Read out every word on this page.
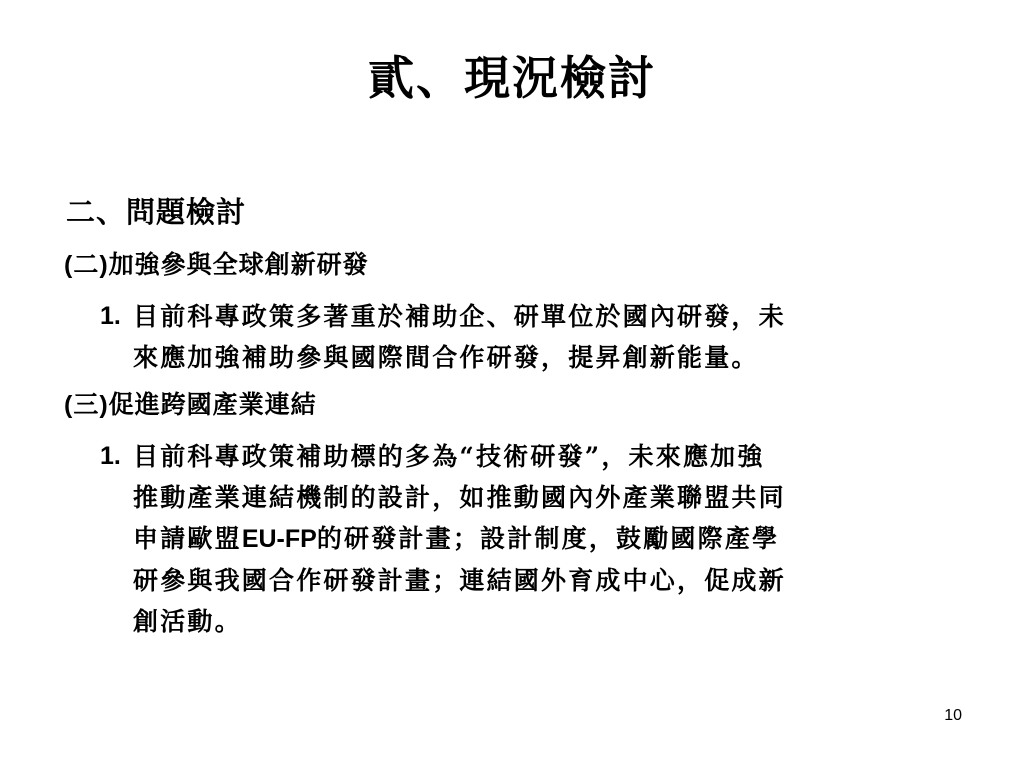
貳、現況檢討
二、問題檢討
(二)加強參與全球創新研發
1. 目前科專政策多著重於補助企、研單位於國內研發，未
來應加強補助參與國際間合作研發，提昇創新能量。
(三)促進跨國產業連結
1. 目前科專政策補助標的多為“技術研發”，未來應加強
推動產業連結機制的設計，如推動國內外產業聯盟共同
申請歐盟EU-FP的研發計畫；設計制度，鼓勵國際產學
研參與我國合作研發計畫；連結國外育成中心，促成新
創活動。
10
